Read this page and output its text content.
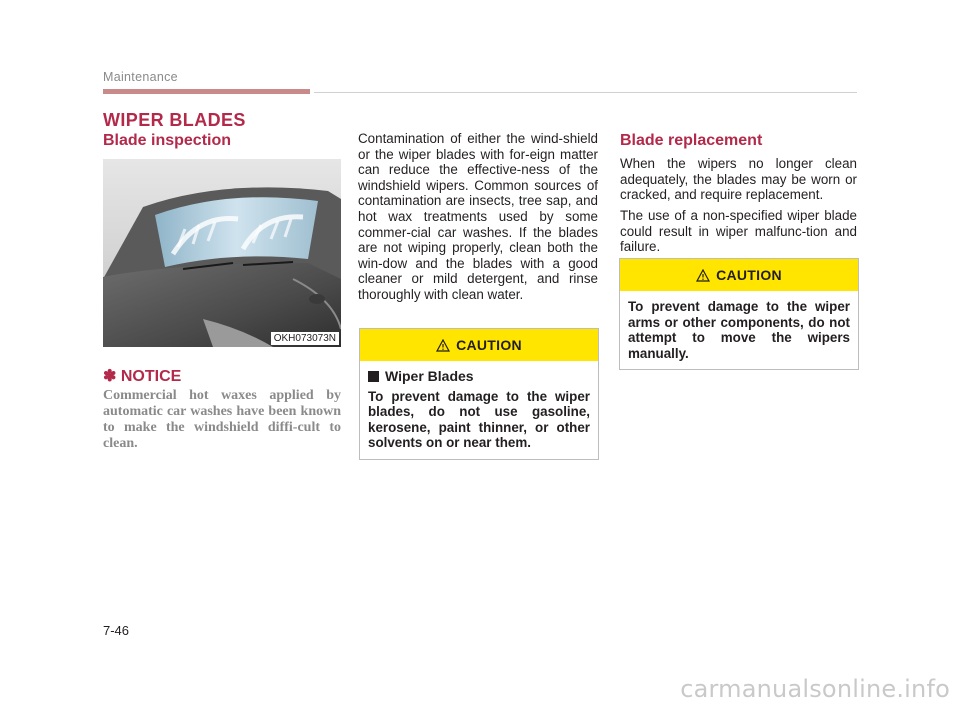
Maintenance
WIPER BLADES
Blade inspection
OKH073073N
✽ NOTICE
Commercial hot waxes applied by automatic car washes have been known to make the windshield diffi-cult to clean.

Contamination of either the wind-shield or the wiper blades with for-eign matter can reduce the effective-ness of the windshield wipers. Common sources of contamination are insects, tree sap, and hot wax treatments used by some commer-cial car washes. If the blades are not wiping properly, clean both the win-dow and the blades with a good cleaner or mild detergent, and rinse thoroughly with clean water.

CAUTION
Wiper Blades
To prevent damage to the wiper blades, do not use gasoline, kerosene, paint thinner, or other solvents on or near them.
Blade replacement

When the wipers no longer clean adequately, the blades may be worn or cracked, and require replacement.

The use of a non-specified wiper blade could result in wiper malfunc-tion and failure.

CAUTION
To prevent damage to the wiper arms or other components, do not attempt to move the wipers manually.
7-46
carmanualsonline.info
